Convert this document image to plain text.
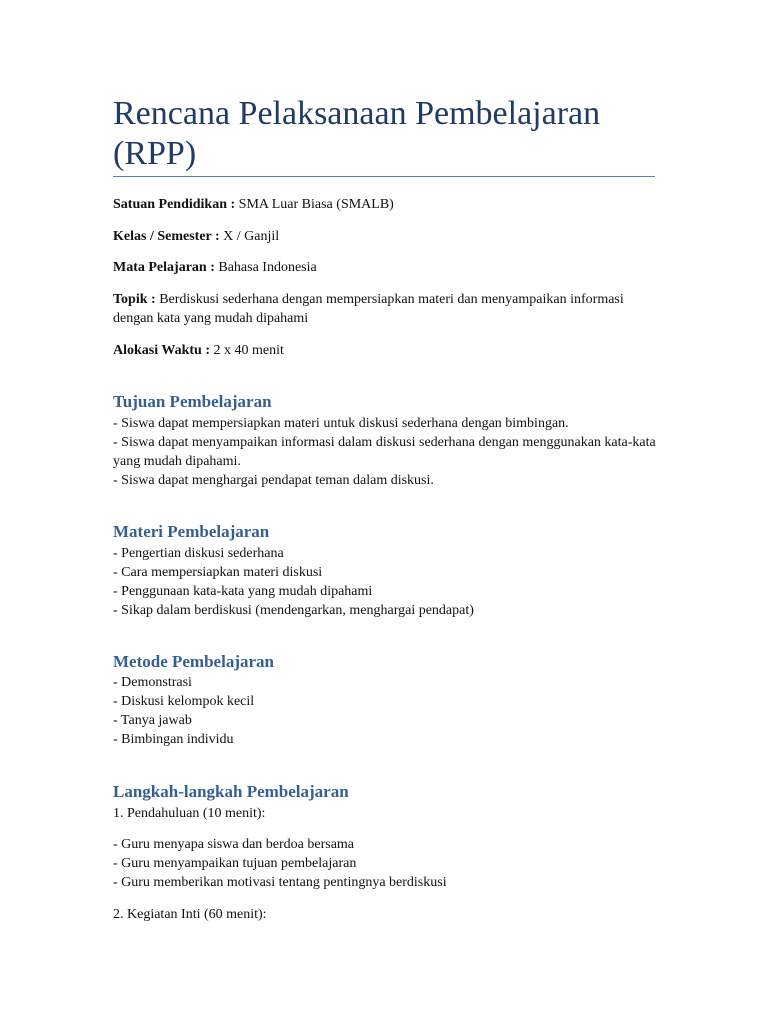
Rencana Pelaksanaan Pembelajaran (RPP)

Satuan Pendidikan : SMA Luar Biasa (SMALB)

Kelas / Semester : X / Ganjil

Mata Pelajaran : Bahasa Indonesia

Topik : Berdiskusi sederhana dengan mempersiapkan materi dan menyampaikan informasi dengan kata yang mudah dipahami

Alokasi Waktu : 2 x 40 menit

Tujuan Pembelajaran
- Siswa dapat mempersiapkan materi untuk diskusi sederhana dengan bimbingan.
- Siswa dapat menyampaikan informasi dalam diskusi sederhana dengan menggunakan kata-kata yang mudah dipahami.
- Siswa dapat menghargai pendapat teman dalam diskusi.
Materi Pembelajaran
- Pengertian diskusi sederhana
- Cara mempersiapkan materi diskusi
- Penggunaan kata-kata yang mudah dipahami
- Sikap dalam berdiskusi (mendengarkan, menghargai pendapat)
Metode Pembelajaran
- Demonstrasi
- Diskusi kelompok kecil
- Tanya jawab
- Bimbingan individu
Langkah-langkah Pembelajaran

1. Pendahuluan (10 menit):

- Guru menyapa siswa dan berdoa bersama
- Guru menyampaikan tujuan pembelajaran
- Guru memberikan motivasi tentang pentingnya berdiskusi

2. Kegiatan Inti (60 menit):
